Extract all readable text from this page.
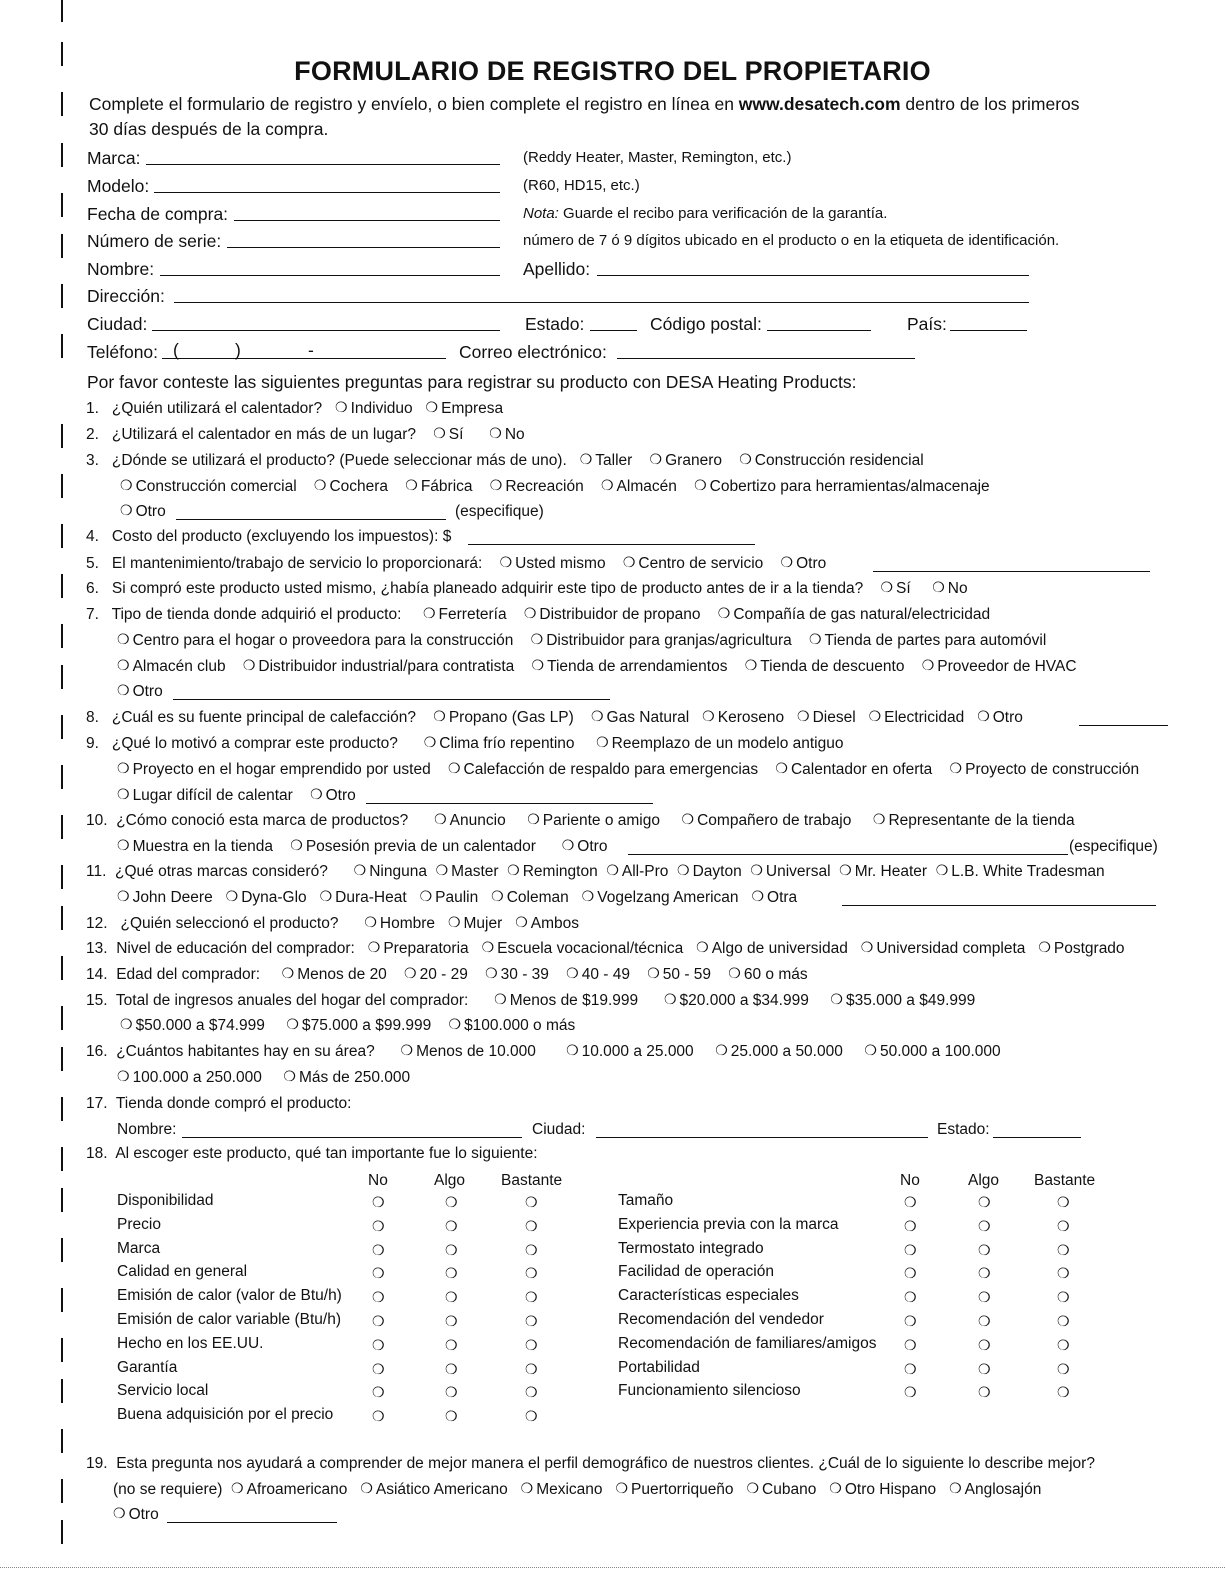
FORMULARIO DE REGISTRO DEL PROPIETARIO
Complete el formulario de registro y envíelo, o bien complete el registro en línea en www.desatech.com dentro de los primeros
30 días después de la compra.
Marca:	(Reddy Heater, Master, Remington, etc.)
Modelo:	(R60, HD15, etc.)
Fecha de compra:	Nota: Guarde el recibo para verificación de la garantía.
Número de serie:	número de 7 ó 9 dígitos ubicado en el producto o en la etiqueta de identificación.
Nombre:	Apellido:
Dirección:
Ciudad:	Estado:	Código postal:	País:
Teléfono: (	)	-	Correo electrónico:
Por favor conteste las siguientes preguntas para registrar su producto con DESA Heating Products:
1. ¿Quién utilizará el calentador? ❍ Individuo ❍ Empresa
2. ¿Utilizará el calentador en más de un lugar? ❍ Sí ❍ No
3. ¿Dónde se utilizará el producto? (Puede seleccionar más de uno). ❍ Taller ❍ Granero ❍ Construcción residencial
❍ Construcción comercial ❍ Cochera ❍ Fábrica ❍ Recreación ❍ Almacén ❍ Cobertizo para herramientas/almacenaje
❍ Otro	(especifique)
4. Costo del producto (excluyendo los impuestos): $
5. El mantenimiento/trabajo de servicio lo proporcionará: ❍ Usted mismo ❍ Centro de servicio ❍ Otro
6. Si compró este producto usted mismo, ¿había planeado adquirir este tipo de producto antes de ir a la tienda? ❍ Sí ❍ No
7. Tipo de tienda donde adquirió el producto: ❍ Ferretería ❍ Distribuidor de propano ❍ Compañía de gas natural/electricidad
❍ Centro para el hogar o proveedora para la construcción ❍ Distribuidor para granjas/agricultura ❍ Tienda de partes para automóvil
❍ Almacén club ❍ Distribuidor industrial/para contratista ❍ Tienda de arrendamientos ❍ Tienda de descuento ❍ Proveedor de HVAC
❍ Otro
8. ¿Cuál es su fuente principal de calefacción? ❍ Propano (Gas LP) ❍ Gas Natural ❍ Keroseno ❍ Diesel ❍ Electricidad ❍ Otro
9. ¿Qué lo motivó a comprar este producto? ❍ Clima frío repentino ❍ Reemplazo de un modelo antiguo
❍ Proyecto en el hogar emprendido por usted ❍ Calefacción de respaldo para emergencias ❍ Calentador en oferta ❍ Proyecto de construcción
❍ Lugar difícil de calentar ❍ Otro
10. ¿Cómo conoció esta marca de productos? ❍ Anuncio ❍ Pariente o amigo ❍ Compañero de trabajo ❍ Representante de la tienda
❍ Muestra en la tienda ❍ Posesión previa de un calentador ❍ Otro	(especifique)
11. ¿Qué otras marcas consideró? ❍ Ninguna ❍ Master ❍ Remington ❍ All-Pro ❍ Dayton ❍ Universal ❍ Mr. Heater ❍ L.B. White Tradesman
❍ John Deere ❍ Dyna-Glo ❍ Dura-Heat ❍ Paulin ❍ Coleman ❍ Vogelzang American ❍ Otra
12. ¿Quién seleccionó el producto? ❍ Hombre ❍ Mujer ❍ Ambos
13. Nivel de educación del comprador: ❍ Preparatoria ❍ Escuela vocacional/técnica ❍ Algo de universidad ❍ Universidad completa ❍ Postgrado
14. Edad del comprador: ❍ Menos de 20 ❍ 20 - 29 ❍ 30 - 39 ❍ 40 - 49 ❍ 50 - 59 ❍ 60 o más
15. Total de ingresos anuales del hogar del comprador: ❍ Menos de $19.999 ❍ $20.000 a $34.999 ❍ $35.000 a $49.999
❍ $50.000 a $74.999 ❍ $75.000 a $99.999 ❍ $100.000 o más
16. ¿Cuántos habitantes hay en su área? ❍ Menos de 10.000 ❍ 10.000 a 25.000 ❍ 25.000 a 50.000 ❍ 50.000 a 100.000
❍ 100.000 a 250.000 ❍ Más de 250.000
17. Tienda donde compró el producto:
Nombre:	Ciudad:	Estado:
18. Al escoger este producto, qué tan importante fue lo siguiente:
No	Algo Bastante	No	Algo Bastante
Disponibilidad	❍	❍	❍
Precio	❍	❍	❍
Marca	❍	❍	❍
Calidad en general	❍	❍	❍
Emisión de calor (valor de Btu/h) ❍	❍	❍
Emisión de calor variable (Btu/h) ❍	❍	❍
Hecho en los EE.UU.	❍	❍	❍
Garantía	❍	❍	❍
Servicio local	❍	❍	❍
Buena adquisición por el precio	❍	❍	❍
Tamaño	❍	❍	❍
Experiencia previa con la marca	❍	❍	❍
Termostato integrado	❍	❍	❍
Facilidad de operación	❍	❍	❍
Características especiales	❍	❍	❍
Recomendación del vendedor	❍	❍	❍
Recomendación de familiares/amigos ❍	❍	❍
Portabilidad	❍	❍	❍
Funcionamiento silencioso	❍	❍	❍
19. Esta pregunta nos ayudará a comprender de mejor manera el perfil demográfico de nuestros clientes. ¿Cuál de lo siguiente lo describe mejor?
(no se requiere) ❍ Afroamericano ❍ Asiático Americano ❍ Mexicano ❍ Puertorriqueño ❍ Cubano ❍ Otro Hispano ❍ Anglosajón
❍ Otro
